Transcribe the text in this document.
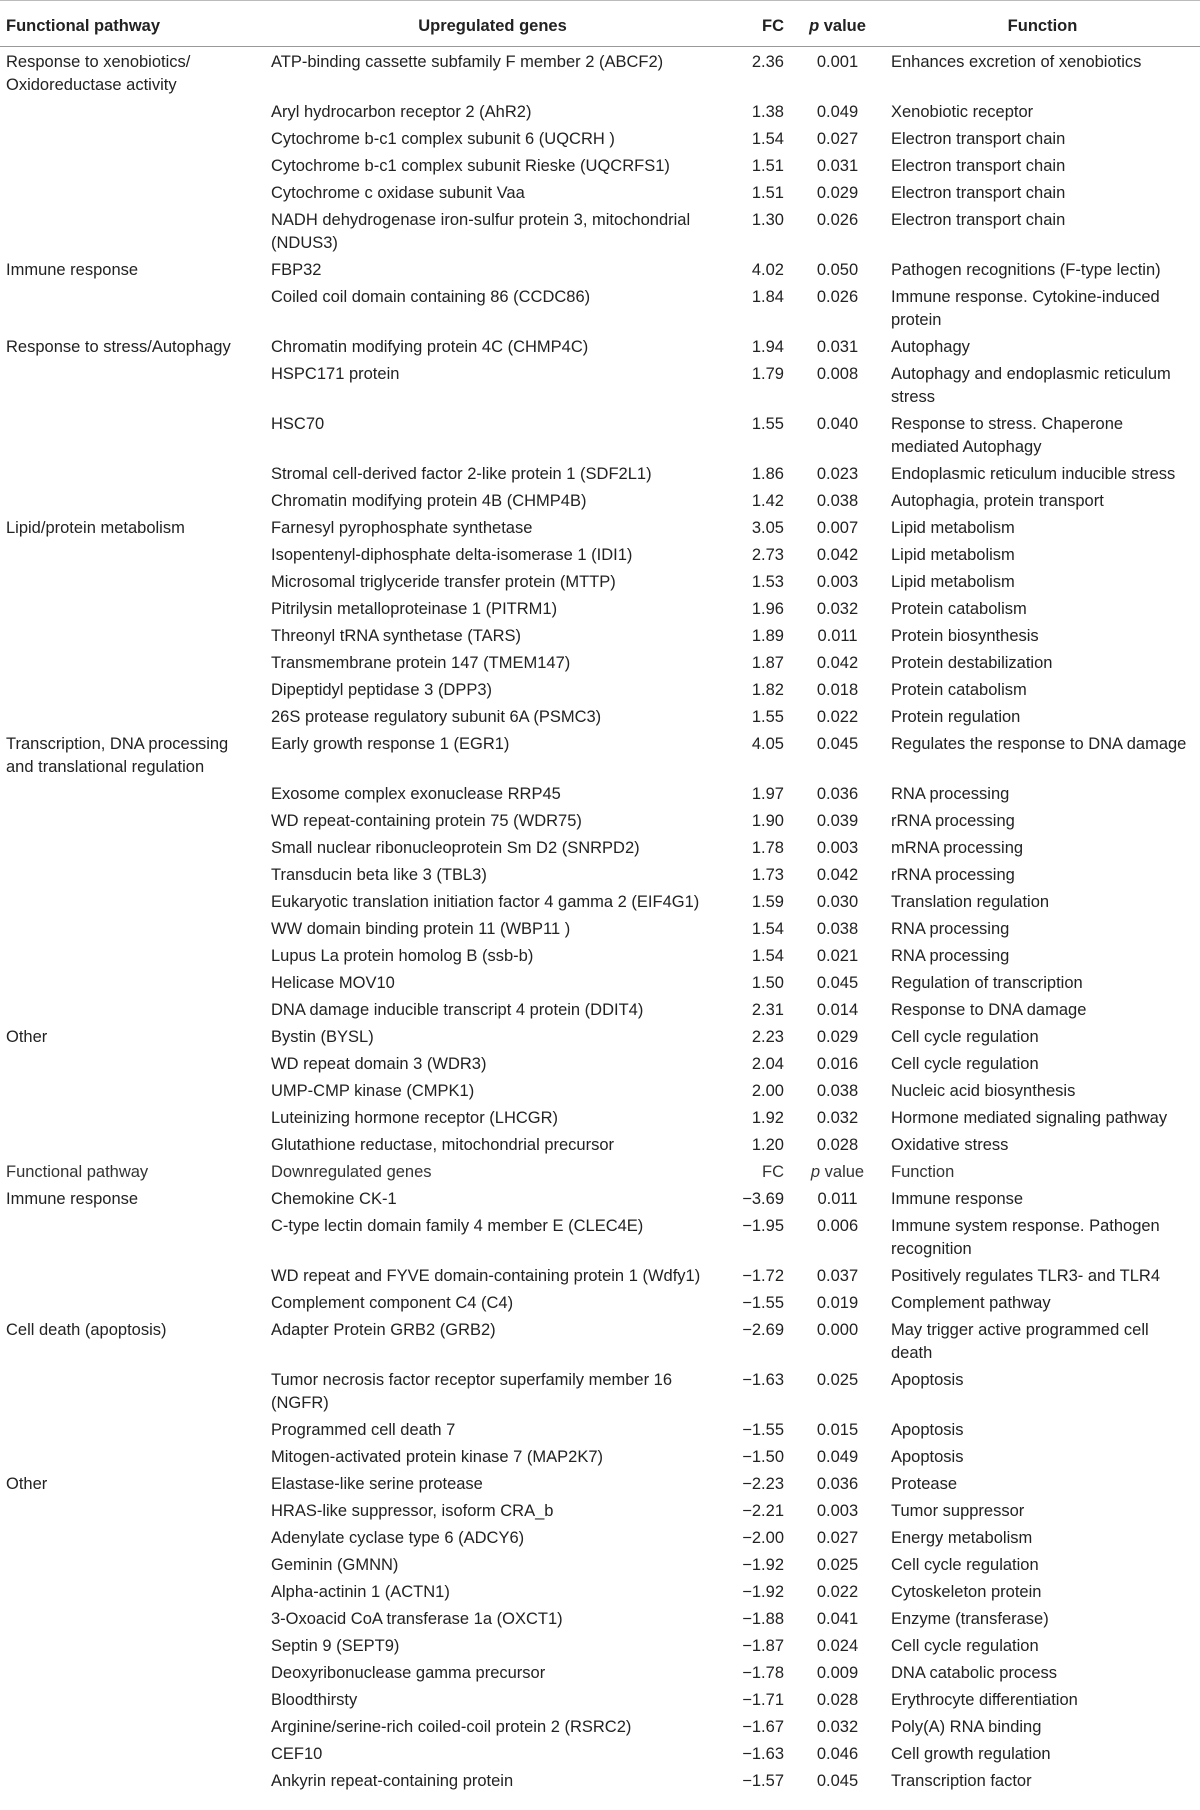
Functional pathway	Upregulated genes	FC	p value	Function
Response to xenobiotics/ Oxidoreductase activity	ATP-binding cassette subfamily F member 2 (ABCF2)	2.36	0.001	Enhances excretion of xenobiotics
	Aryl hydrocarbon receptor 2 (AhR2)	1.38	0.049	Xenobiotic receptor
	Cytochrome b-c1 complex subunit 6 (UQCRH )	1.54	0.027	Electron transport chain
	Cytochrome b-c1 complex subunit Rieske (UQCRFS1)	1.51	0.031	Electron transport chain
	Cytochrome c oxidase subunit Vaa	1.51	0.029	Electron transport chain
	NADH dehydrogenase iron-sulfur protein 3, mitochondrial (NDUS3)	1.30	0.026	Electron transport chain
Immune response	FBP32	4.02	0.050	Pathogen recognitions (F-type lectin)
	Coiled coil domain containing 86 (CCDC86)	1.84	0.026	Immune response. Cytokine-induced protein
Response to stress/Autophagy	Chromatin modifying protein 4C (CHMP4C)	1.94	0.031	Autophagy
	HSPC171 protein	1.79	0.008	Autophagy and endoplasmic reticulum stress
	HSC70	1.55	0.040	Response to stress. Chaperone mediated Autophagy
	Stromal cell-derived factor 2-like protein 1 (SDF2L1)	1.86	0.023	Endoplasmic reticulum inducible stress
	Chromatin modifying protein 4B (CHMP4B)	1.42	0.038	Autophagia, protein transport
Lipid/protein metabolism	Farnesyl pyrophosphate synthetase	3.05	0.007	Lipid metabolism
	Isopentenyl-diphosphate delta-isomerase 1 (IDI1)	2.73	0.042	Lipid metabolism
	Microsomal triglyceride transfer protein (MTTP)	1.53	0.003	Lipid metabolism
	Pitrilysin metalloproteinase 1 (PITRM1)	1.96	0.032	Protein catabolism
	Threonyl tRNA synthetase (TARS)	1.89	0.011	Protein biosynthesis
	Transmembrane protein 147 (TMEM147)	1.87	0.042	Protein destabilization
	Dipeptidyl peptidase 3 (DPP3)	1.82	0.018	Protein catabolism
	26S protease regulatory subunit 6A (PSMC3)	1.55	0.022	Protein regulation
Transcription, DNA processing and translational regulation	Early growth response 1 (EGR1)	4.05	0.045	Regulates the response to DNA damage
	Exosome complex exonuclease RRP45	1.97	0.036	RNA processing
	WD repeat-containing protein 75 (WDR75)	1.90	0.039	rRNA processing
	Small nuclear ribonucleoprotein Sm D2 (SNRPD2)	1.78	0.003	mRNA processing
	Transducin beta like 3 (TBL3)	1.73	0.042	rRNA processing
	Eukaryotic translation initiation factor 4 gamma 2 (EIF4G1)	1.59	0.030	Translation regulation
	WW domain binding protein 11 (WBP11 )	1.54	0.038	RNA processing
	Lupus La protein homolog B (ssb-b)	1.54	0.021	RNA processing
	Helicase MOV10	1.50	0.045	Regulation of transcription
	DNA damage inducible transcript 4 protein (DDIT4)	2.31	0.014	Response to DNA damage
Other	Bystin (BYSL)	2.23	0.029	Cell cycle regulation
	WD repeat domain 3 (WDR3)	2.04	0.016	Cell cycle regulation
	UMP-CMP kinase (CMPK1)	2.00	0.038	Nucleic acid biosynthesis
	Luteinizing hormone receptor (LHCGR)	1.92	0.032	Hormone mediated signaling pathway
	Glutathione reductase, mitochondrial precursor	1.20	0.028	Oxidative stress
Functional pathway	Downregulated genes	FC	p value	Function
Immune response	Chemokine CK-1	−3.69	0.011	Immune response
	C-type lectin domain family 4 member E (CLEC4E)	−1.95	0.006	Immune system response. Pathogen recognition
	WD repeat and FYVE domain-containing protein 1 (Wdfy1)	−1.72	0.037	Positively regulates TLR3- and TLR4
	Complement component C4 (C4)	−1.55	0.019	Complement pathway
Cell death (apoptosis)	Adapter Protein GRB2 (GRB2)	−2.69	0.000	May trigger active programmed cell death
	Tumor necrosis factor receptor superfamily member 16 (NGFR)	−1.63	0.025	Apoptosis
	Programmed cell death 7	−1.55	0.015	Apoptosis
	Mitogen-activated protein kinase 7 (MAP2K7)	−1.50	0.049	Apoptosis
Other	Elastase-like serine protease	−2.23	0.036	Protease
	HRAS-like suppressor, isoform CRA_b	−2.21	0.003	Tumor suppressor
	Adenylate cyclase type 6 (ADCY6)	−2.00	0.027	Energy metabolism
	Geminin (GMNN)	−1.92	0.025	Cell cycle regulation
	Alpha-actinin 1 (ACTN1)	−1.92	0.022	Cytoskeleton protein
	3-Oxoacid CoA transferase 1a (OXCT1)	−1.88	0.041	Enzyme (transferase)
	Septin 9 (SEPT9)	−1.87	0.024	Cell cycle regulation
	Deoxyribonuclease gamma precursor	−1.78	0.009	DNA catabolic process
	Bloodthirsty	−1.71	0.028	Erythrocyte differentiation
	Arginine/serine-rich coiled-coil protein 2 (RSRC2)	−1.67	0.032	Poly(A) RNA binding
	CEF10	−1.63	0.046	Cell growth regulation
	Ankyrin repeat-containing protein	−1.57	0.045	Transcription factor
